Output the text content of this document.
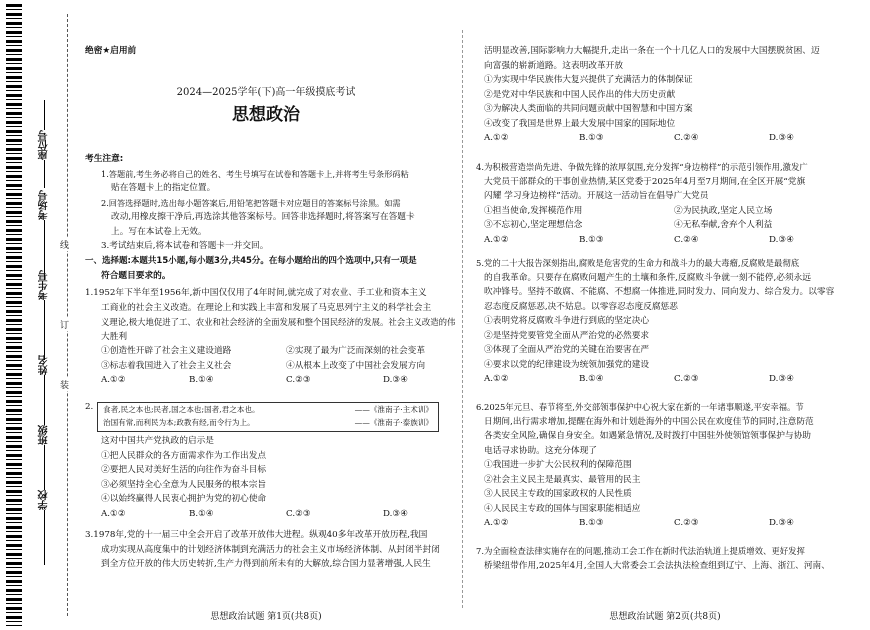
座位号
考场号
考生号
姓名
班级
学校
线
订
装
绝密★启用前
2024—2025学年(下)高一年级摸底考试
思想政治

考生注意:

1.答题前,考生务必将自己的姓名、考生号填写在试卷和答题卡上,并将考生号条形码粘

贴在答题卡上的指定位置。

2.回答选择题时,选出每小题答案后,用铅笔把答题卡对应题目的答案标号涂黑。如需

改动,用橡皮擦干净后,再选涂其他答案标号。回答非选择题时,将答案写在答题卡

上。写在本试卷上无效。

3.考试结束后,将本试卷和答题卡一并交回。

一、选择题:本题共15小题,每小题3分,共45分。在每小题给出的四个选项中,只有一项是

符合题目要求的。

1.1952年下半年至1956年,新中国仅仅用了4年时间,就完成了对农业、手工业和资本主义

工商业的社会主义改造。在理论上和实践上丰富和发展了马克思列宁主义的科学社会主

义理论,极大地促进了工、农业和社会经济的全面发展和整个国民经济的发展。社会主义改造的伟

大胜利

①创造性开辟了社会主义建设道路	②实现了最为广泛而深刻的社会变革
③标志着我国进入了社会主义社会	④从根本上改变了中国社会发展方向
A.①②	B.①④	C.②③	D.③④
2. 食者,民之本也;民者,国之本也;国者,君之本也。	——《淮南子·主术训》
治国有常,而利民为本;政教有经,而令行为上。	——《淮南子·泰族训》

这对中国共产党执政的启示是

①把人民群众的各方面需求作为工作出发点

②要把人民对美好生活的向往作为奋斗目标

③必须坚持全心全意为人民服务的根本宗旨

④以始终赢得人民衷心拥护为党的初心使命

A.①②	B.①④	C.②③	D.③④

3.1978年,党的十一届三中全会开启了改革开放伟大进程。纵观40多年改革开放历程,我国

成功实现从高度集中的计划经济体制到充满活力的社会主义市场经济体制、从封闭半封闭

到全方位开放的伟大历史转折,生产力得到前所未有的大解放,综合国力显著增强,人民生

思想政治试题 第1页(共8页)

活明显改善,国际影响力大幅提升,走出一条在一个十几亿人口的发展中大国摆脱贫困、迈

向富强的崭新道路。这表明改革开放

①为实现中华民族伟大复兴提供了充满活力的体制保证

②是党对中华民族和中国人民作出的伟大历史贡献

③为解决人类面临的共同问题贡献中国智慧和中国方案

④改变了我国是世界上最大发展中国家的国际地位

A.①②	B.①③	C.②④	D.③④

4.为积极营造崇尚先进、争做先锋的浓厚氛围,充分发挥“身边榜样”的示范引领作用,激发广

大党员干部群众的干事创业热情,某区党委于2025年4月至7月期间,在全区开展“党旗

闪耀 学习身边榜样”活动。开展这一活动旨在倡导广大党员

①担当使命,发挥模范作用	②为民执政,坚定人民立场
③不忘初心,坚定理想信念	④无私奉献,舍弃个人利益
A.①②	B.①③	C.②④	D.③④

5.党的二十大报告深刻指出,腐败是危害党的生命力和战斗力的最大毒瘤,反腐败是最彻底

的自我革命。只要存在腐败问题产生的土壤和条件,反腐败斗争就一刻不能停,必须永远

吹冲锋号。坚持不敢腐、不能腐、不想腐一体推进,同时发力、同向发力、综合发力。以零容

忍态度反腐惩恶,决不姑息。以零容忍态度反腐惩恶

①表明党将反腐败斗争进行到底的坚定决心

②是坚持党要管党全面从严治党的必然要求

③体现了全面从严治党的关键在治要害在严

④要求以党的纪律建设为统领加强党的建设

A.①②	B.①④	C.②③	D.③④

6.2025年元旦、春节将至,外交部领事保护中心祝大家在新的一年诸事顺遂,平安幸福。节

日期间,出行需求增加,提醒在海外和计划赴海外的中国公民在欢度佳节的同时,注意防范

各类安全风险,确保自身安全。如遇紧急情况,及时拨打中国驻外使领馆领事保护与协助

电话寻求协助。这充分体现了

①我国进一步扩大公民权利的保障范围

②社会主义民主是最真实、最管用的民主

③人民民主专政的国家政权的人民性质

④人民民主专政的国体与国家职能相适应

A.①②	B.①③	C.②③	D.③④

7.为全面检查法律实施存在的问题,推动工会工作在新时代法治轨道上提质增效、更好发挥

桥梁纽带作用,2025年4月,全国人大常委会工会法执法检查组到辽宁、上海、浙江、河南、

思想政治试题 第2页(共8页)
